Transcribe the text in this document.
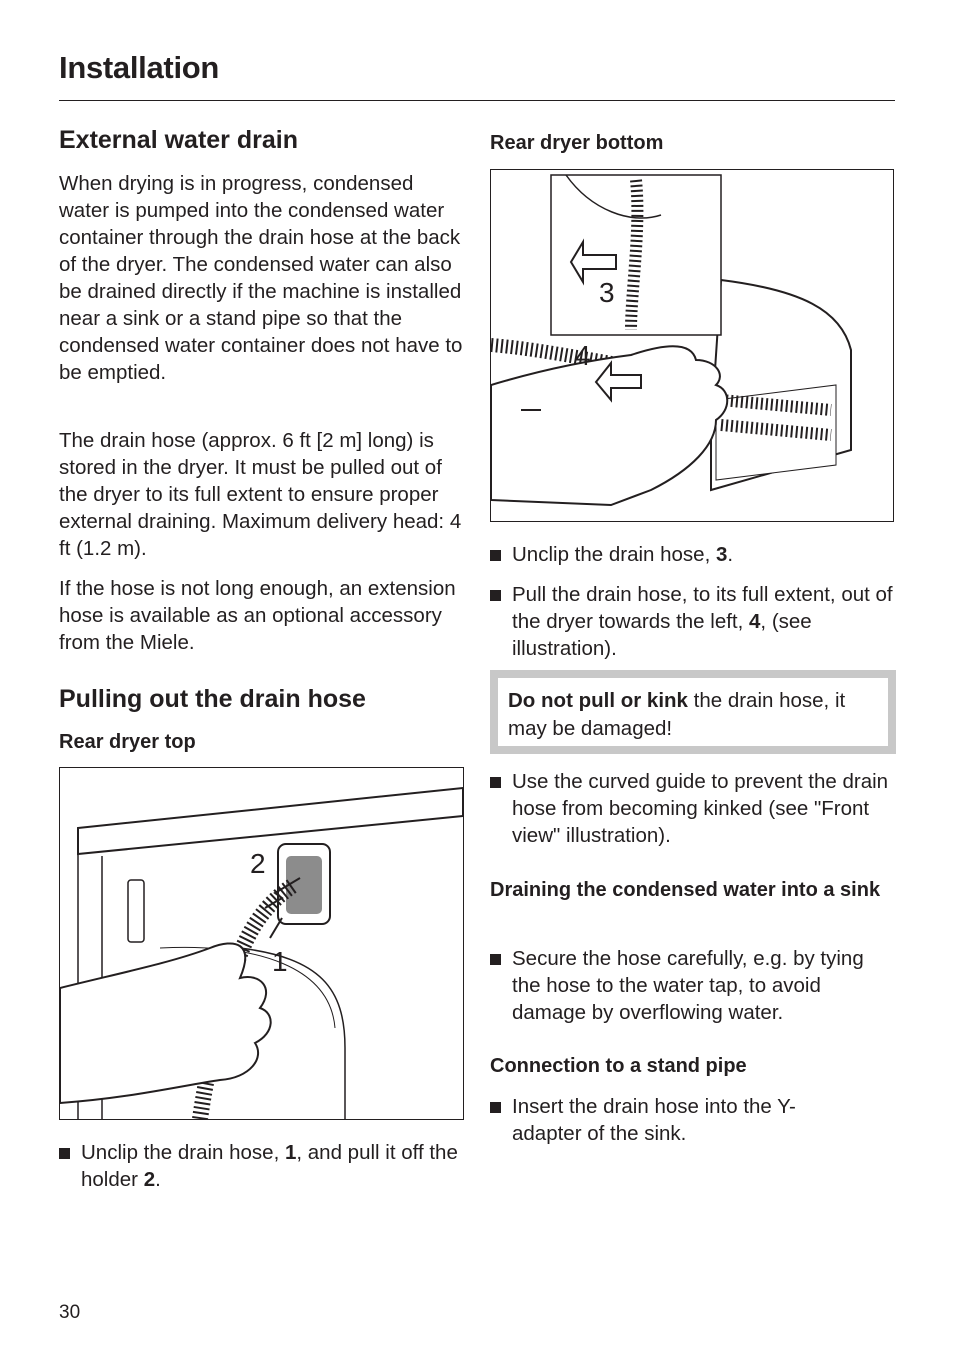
Installation
External water drain

When drying is in progress, condensed water is pumped into the condensed water container through the drain hose at the back of the dryer. The condensed water can also be drained directly if the machine is installed near a sink or a stand pipe so that the condensed water container does not have to be emptied.

The drain hose (approx. 6 ft [2 m] long) is stored in the dryer. It must be pulled out of the dryer to its full extent to ensure proper external draining. Maximum delivery head: 4 ft (1.2 m).

If the hose is not long enough, an extension hose is available as an optional accessory from the Miele.

Pulling out the drain hose
Rear dryer top
2
1
Unclip the drain hose, 1, and pull it off the holder 2.
Rear dryer bottom
3
4
Unclip the drain hose, 3.
Pull the drain hose, to its full extent, out of the dryer towards the left, 4, (see illustration).
Do not pull or kink the drain hose, it may be damaged!
Use the curved guide to prevent the drain hose from becoming kinked (see "Front view" illustration).
Draining the condensed water into a sink
Secure the hose carefully, e.g. by tying the hose to the water tap, to avoid damage by overflowing water.
Connection to a stand pipe
Insert the drain hose into the Y-adapter of the sink.

30
